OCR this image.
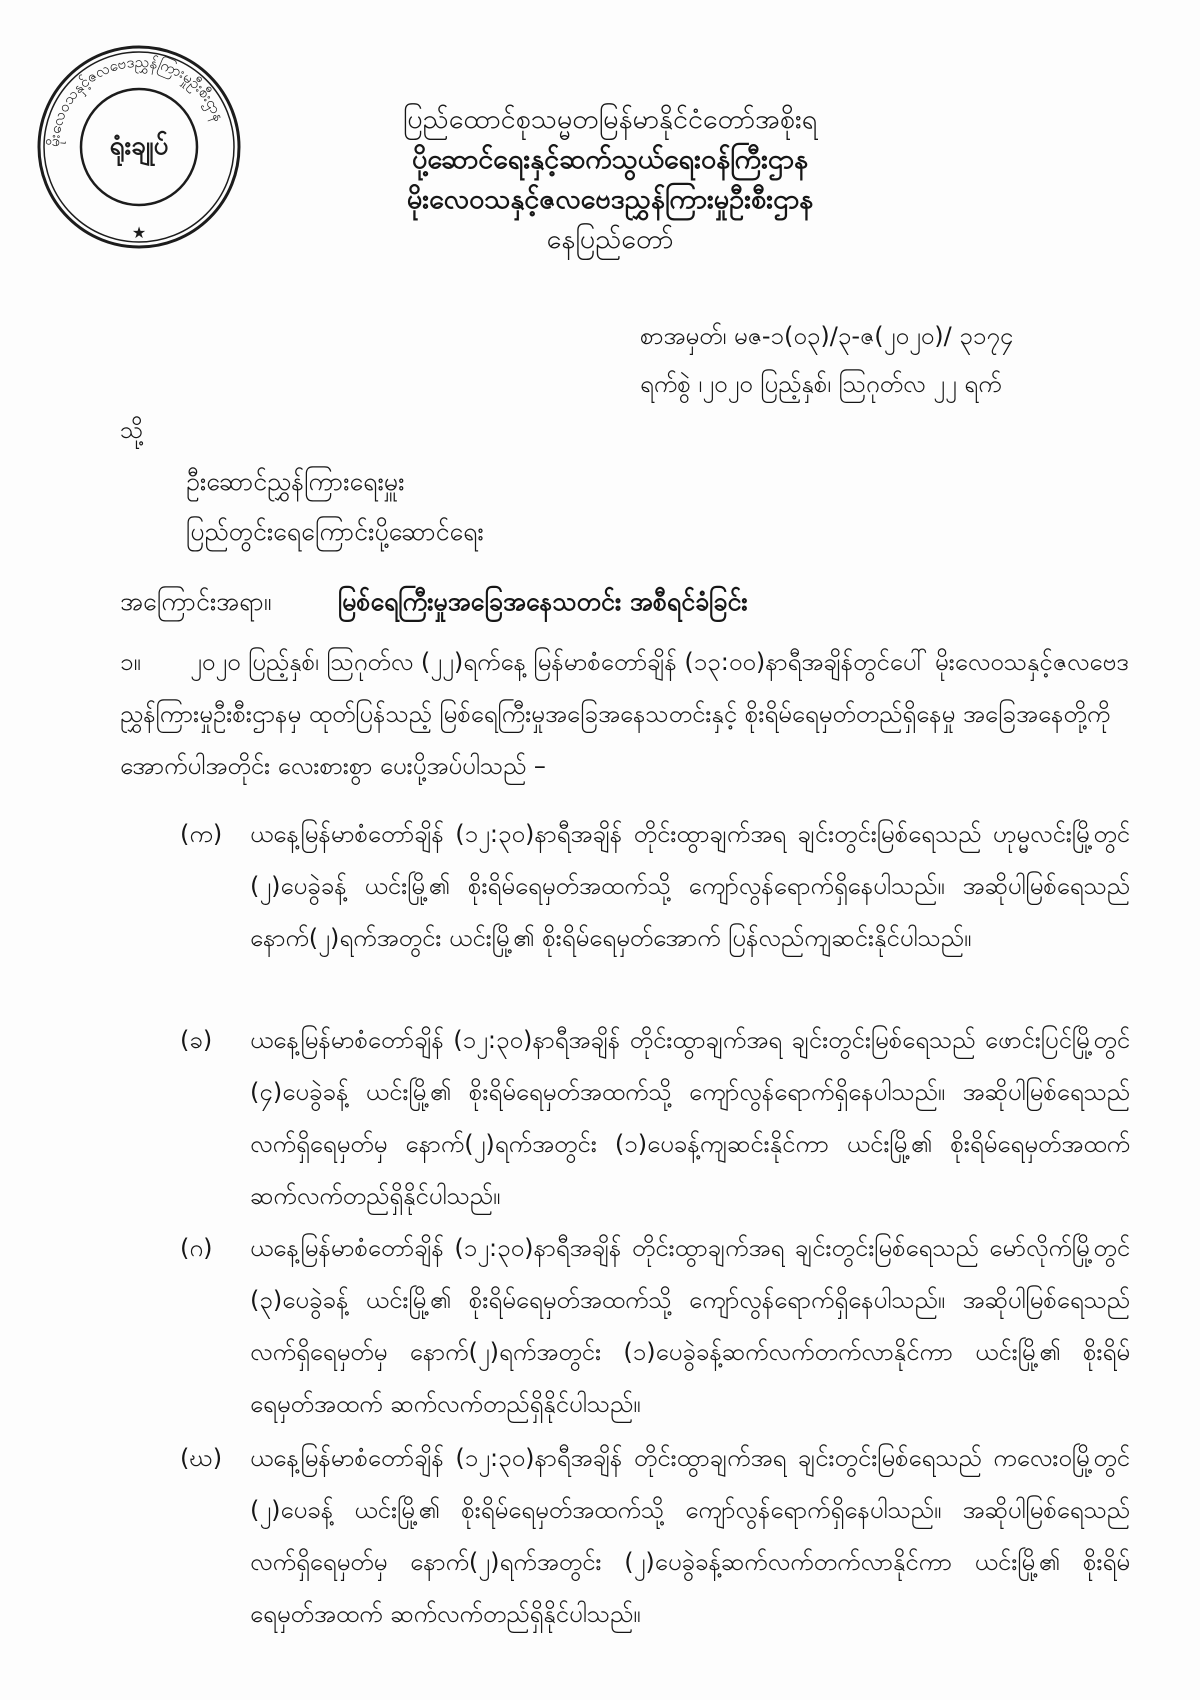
မိုးလေဝသနှင့်ဇလဗေဒညွှန်ကြားမှုဦးစီးဌာန
ရုံးချုပ်
★
ပြည်ထောင်စုသမ္မတမြန်မာနိုင်ငံတော်အစိုးရ
ပို့ဆောင်ရေးနှင့်ဆက်သွယ်ရေးဝန်ကြီးဌာန
မိုးလေဝသနှင့်ဇလဗေဒညွှန်ကြားမှုဦးစီးဌာန
နေပြည်တော်
စာအမှတ်၊ မဇ-၁(၀၃)/၃-ဇ(၂၀၂၀)/ ၃၁၇၄
ရက်စွဲ ၊၂၀၂၀ ပြည့်နှစ်၊ ဩဂုတ်လ ၂၂ ရက်
သို့
ဦးဆောင်ညွှန်ကြားရေးမှူး
ပြည်တွင်းရေကြောင်းပို့ဆောင်ရေး
အကြောင်းအရာ။	မြစ်ရေကြီးမှုအခြေအနေသတင်း အစီရင်ခံခြင်း
၁။ ၂၀၂၀ ပြည့်နှစ်၊ ဩဂုတ်လ (၂၂)ရက်နေ့ မြန်မာစံတော်ချိန် (၁၃:၀၀)နာရီအချိန်တွင်ပေါ် မိုးလေဝသနှင့်ဇလဗေဒညွှန်ကြားမှုဦးစီးဌာနမှ ထုတ်ပြန်သည့် မြစ်ရေကြီးမှုအခြေအနေသတင်းနှင့် စိုးရိမ်ရေမှတ်တည်ရှိနေမှု အခြေအနေတို့ကို အောက်ပါအတိုင်း လေးစားစွာ ပေးပို့အပ်ပါသည် –
(က)	ယနေ့မြန်မာစံတော်ချိန် (၁၂:၃၀)နာရီအချိန် တိုင်းထွာချက်အရ ချင်းတွင်းမြစ်ရေသည် ဟုမ္မလင်းမြို့တွင် (၂)ပေခွဲခန့် ယင်းမြို့၏ စိုးရိမ်ရေမှတ်အထက်သို့ ကျော်လွန်ရောက်ရှိနေပါသည်။ အဆိုပါမြစ်ရေသည် နောက်(၂)ရက်အတွင်း ယင်းမြို့၏ စိုးရိမ်ရေမှတ်အောက် ပြန်လည်ကျဆင်းနိုင်ပါသည်။
(ခ)	ယနေ့မြန်မာစံတော်ချိန် (၁၂:၃၀)နာရီအချိန် တိုင်းထွာချက်အရ ချင်းတွင်းမြစ်ရေသည် ဖောင်းပြင်မြို့တွင် (၄)ပေခွဲခန့် ယင်းမြို့၏ စိုးရိမ်ရေမှတ်အထက်သို့ ကျော်လွန်ရောက်ရှိနေပါသည်။ အဆိုပါမြစ်ရေသည် လက်ရှိရေမှတ်မှ နောက်(၂)ရက်အတွင်း (၁)ပေခန့်ကျဆင်းနိုင်ကာ ယင်းမြို့၏ စိုးရိမ်ရေမှတ်အထက် ဆက်လက်တည်ရှိနိုင်ပါသည်။
(ဂ)	ယနေ့မြန်မာစံတော်ချိန် (၁၂:၃၀)နာရီအချိန် တိုင်းထွာချက်အရ ချင်းတွင်းမြစ်ရေသည် မော်လိုက်မြို့တွင် (၃)ပေခွဲခန့် ယင်းမြို့၏ စိုးရိမ်ရေမှတ်အထက်သို့ ကျော်လွန်ရောက်ရှိနေပါသည်။ အဆိုပါမြစ်ရေသည် လက်ရှိရေမှတ်မှ နောက်(၂)ရက်အတွင်း (၁)ပေခွဲခန့်ဆက်လက်တက်လာနိုင်ကာ ယင်းမြို့၏ စိုးရိမ်ရေမှတ်အထက် ဆက်လက်တည်ရှိနိုင်ပါသည်။
(ဃ)	ယနေ့မြန်မာစံတော်ချိန် (၁၂:၃၀)နာရီအချိန် တိုင်းထွာချက်အရ ချင်းတွင်းမြစ်ရေသည် ကလေးဝမြို့တွင် (၂)ပေခန့် ယင်းမြို့၏ စိုးရိမ်ရေမှတ်အထက်သို့ ကျော်လွန်ရောက်ရှိနေပါသည်။ အဆိုပါမြစ်ရေသည် လက်ရှိရေမှတ်မှ နောက်(၂)ရက်အတွင်း (၂)ပေခွဲခန့်ဆက်လက်တက်လာနိုင်ကာ ယင်းမြို့၏ စိုးရိမ်ရေမှတ်အထက် ဆက်လက်တည်ရှိနိုင်ပါသည်။
